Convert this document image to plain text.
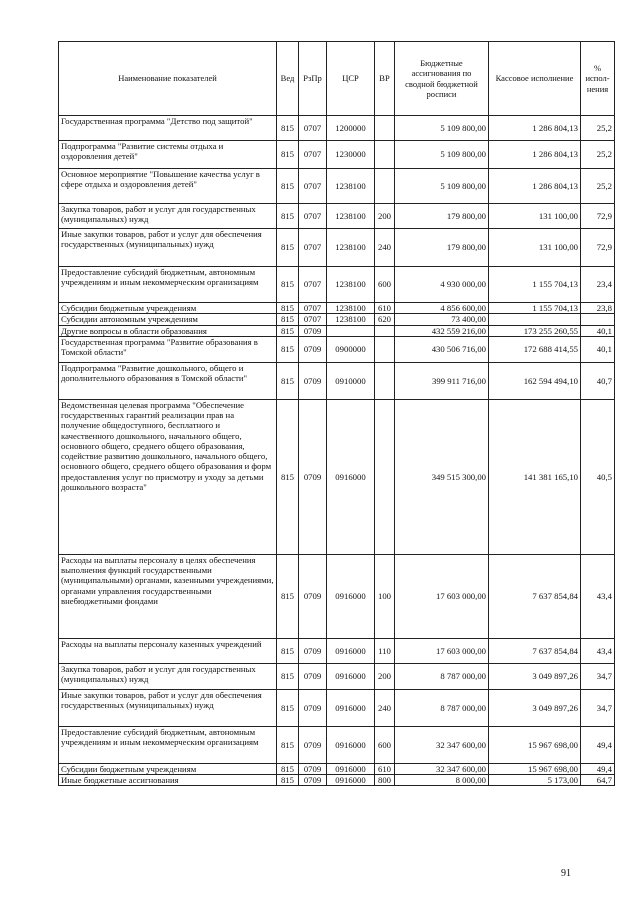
Наименование показателей	Вед	РзПр	ЦСР	ВР	Бюджетные ассигнования по сводной бюджетной росписи	Кассовое исполнение	% испол-нения
Государственная программа "Детство под защитой"	815	0707	1200000		5 109 800,00	1 286 804,13	25,2
Подпрограмма "Развитие системы отдыха и оздоровления детей"	815	0707	1230000		5 109 800,00	1 286 804,13	25,2
Основное мероприятие "Повышение качества услуг в сфере отдыха и оздоровления детей"	815	0707	1238100		5 109 800,00	1 286 804,13	25,2
Закупка товаров, работ и услуг для государственных (муниципальных) нужд	815	0707	1238100	200	179 800,00	131 100,00	72,9
Иные закупки товаров, работ и услуг для обеспечения государственных (муниципальных) нужд	815	0707	1238100	240	179 800,00	131 100,00	72,9
Предоставление субсидий бюджетным, автономным учреждениям и иным некоммерческим организациям	815	0707	1238100	600	4 930 000,00	1 155 704,13	23,4
Субсидии бюджетным учреждениям	815	0707	1238100	610	4 856 600,00	1 155 704,13	23,8
Субсидии автономным учреждениям	815	0707	1238100	620	73 400,00		
Другие вопросы в области образования	815	0709			432 559 216,00	173 255 260,55	40,1
Государственная программа "Развитие образования в Томской области"	815	0709	0900000		430 506 716,00	172 688 414,55	40,1
Подпрограмма "Развитие дошкольного, общего и дополнительного образования в Томской области"	815	0709	0910000		399 911 716,00	162 594 494,10	40,7
Ведомственная целевая программа "Обеспечение государственных гарантий реализации прав на получение общедоступного, бесплатного и качественного дошкольного, начального общего, основного общего, среднего общего образования, содействие развитию дошкольного, начального общего, основного общего, среднего общего образования и форм предоставления услуг по присмотру и уходу за детьми дошкольного возраста"	815	0709	0916000		349 515 300,00	141 381 165,10	40,5
Расходы на выплаты персоналу в целях обеспечения выполнения функций государственными (муниципальными) органами, казенными учреждениями, органами управления государственными внебюджетными фондами	815	0709	0916000	100	17 603 000,00	7 637 854,84	43,4
Расходы на выплаты персоналу казенных учреждений	815	0709	0916000	110	17 603 000,00	7 637 854,84	43,4
Закупка товаров, работ и услуг для государственных (муниципальных) нужд	815	0709	0916000	200	8 787 000,00	3 049 897,26	34,7
Иные закупки товаров, работ и услуг для обеспечения государственных (муниципальных) нужд	815	0709	0916000	240	8 787 000,00	3 049 897,26	34,7
Предоставление субсидий бюджетным, автономным учреждениям и иным некоммерческим организациям	815	0709	0916000	600	32 347 600,00	15 967 698,00	49,4
Субсидии бюджетным учреждениям	815	0709	0916000	610	32 347 600,00	15 967 698,00	49,4
Иные бюджетные ассигнования	815	0709	0916000	800	8 000,00	5 173,00	64,7
91
